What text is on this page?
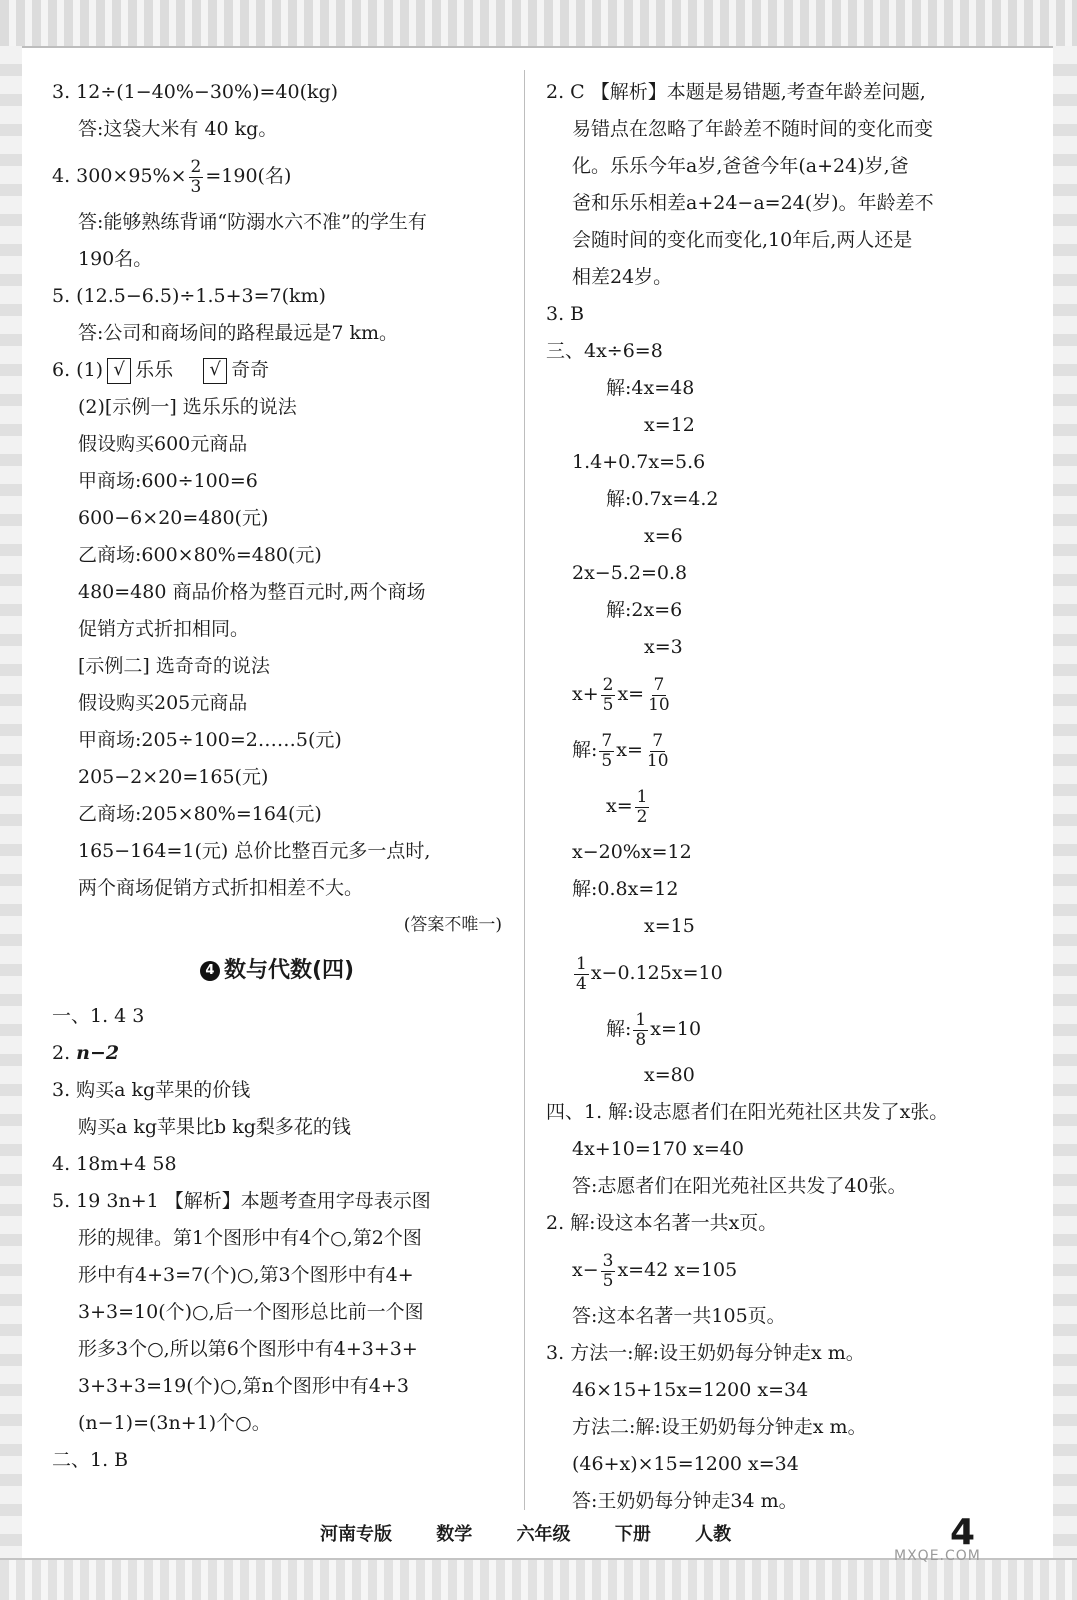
3. 12÷(1−40%−30%)=40(kg)
答:这袋大米有 40 kg。
4. $300\times 95\%\times \frac{2}{3} =190$(名)
答:能够熟练背诵“防溺水六不准”的学生有
190名。
5. (12.5−6.5)÷1.5+3=7(km)
答:公司和商场间的路程最远是7 km。
6. (1) √ 乐乐 √ 奇奇
(2)[示例一] 选乐乐的说法
假设购买600元商品
甲商场:600÷100=6
600−6×20=480(元)
乙商场:600×80%=480(元)
480=480 商品价格为整百元时,两个商场
促销方式折扣相同。
[示例二] 选奇奇的说法
假设购买205元商品
甲商场:205÷100=2……5(元)
205−2×20=165(元)
乙商场:205×80%=164(元)
165−164=1(元) 总价比整百元多一点时,
两个商场促销方式折扣相差不大。
(答案不唯一)
4 数与代数(四)
一、1. 4 3
2. n−2
3. 购买a kg苹果的价钱
购买a kg苹果比b kg梨多花的钱
4. 18m+4 58
5. 19 3n+1 【解析】本题考查用字母表示图
形的规律。第1个图形中有4个○,第2个图
形中有4+3=7(个)○,第3个图形中有4+
3+3=10(个)○,后一个图形总比前一个图
形多3个○,所以第6个图形中有4+3+3+
3+3+3=19(个)○,第n个图形中有4+3
(n−1)=(3n+1)个○。
二、1. B
2. C 【解析】本题是易错题,考查年龄差问题,
易错点在忽略了年龄差不随时间的变化而变
化。乐乐今年a岁,爸爸今年(a+24)岁,爸
爸和乐乐相差a+24−a=24(岁)。年龄差不
会随时间的变化而变化,10年后,两人还是
相差24岁。
3. B
三、4x÷6=8
解:4x=48
x=12
1.4+0.7x=5.6
解:0.7x=4.2
x=6
2x−5.2=0.8
解:2x=6
x=3
$x+ \frac{2}{5} x= \frac{7}{10}$
解: $\frac{7}{5} x= \frac{7}{10}$
$x= \frac{1}{2}$
x−20%x=12
解:0.8x=12
x=15
$\frac{1}{4} x-0.125x=10$
解: $\frac{1}{8} x=10$
x=80
四、1. 解:设志愿者们在阳光苑社区共发了x张。
4x+10=170 x=40
答:志愿者们在阳光苑社区共发了40张。
2. 解:设这本名著一共x页。
$x- \frac{3}{5} x=42$ x=105
答:这本名著一共105页。
3. 方法一:解:设王奶奶每分钟走x m。
46×15+15x=1200 x=34
方法二:解:设王奶奶每分钟走x m。
(46+x)×15=1200 x=34
答:王奶奶每分钟走34 m。
河南专版 数学 六年级 下册 人教	4
MXQE.COM
